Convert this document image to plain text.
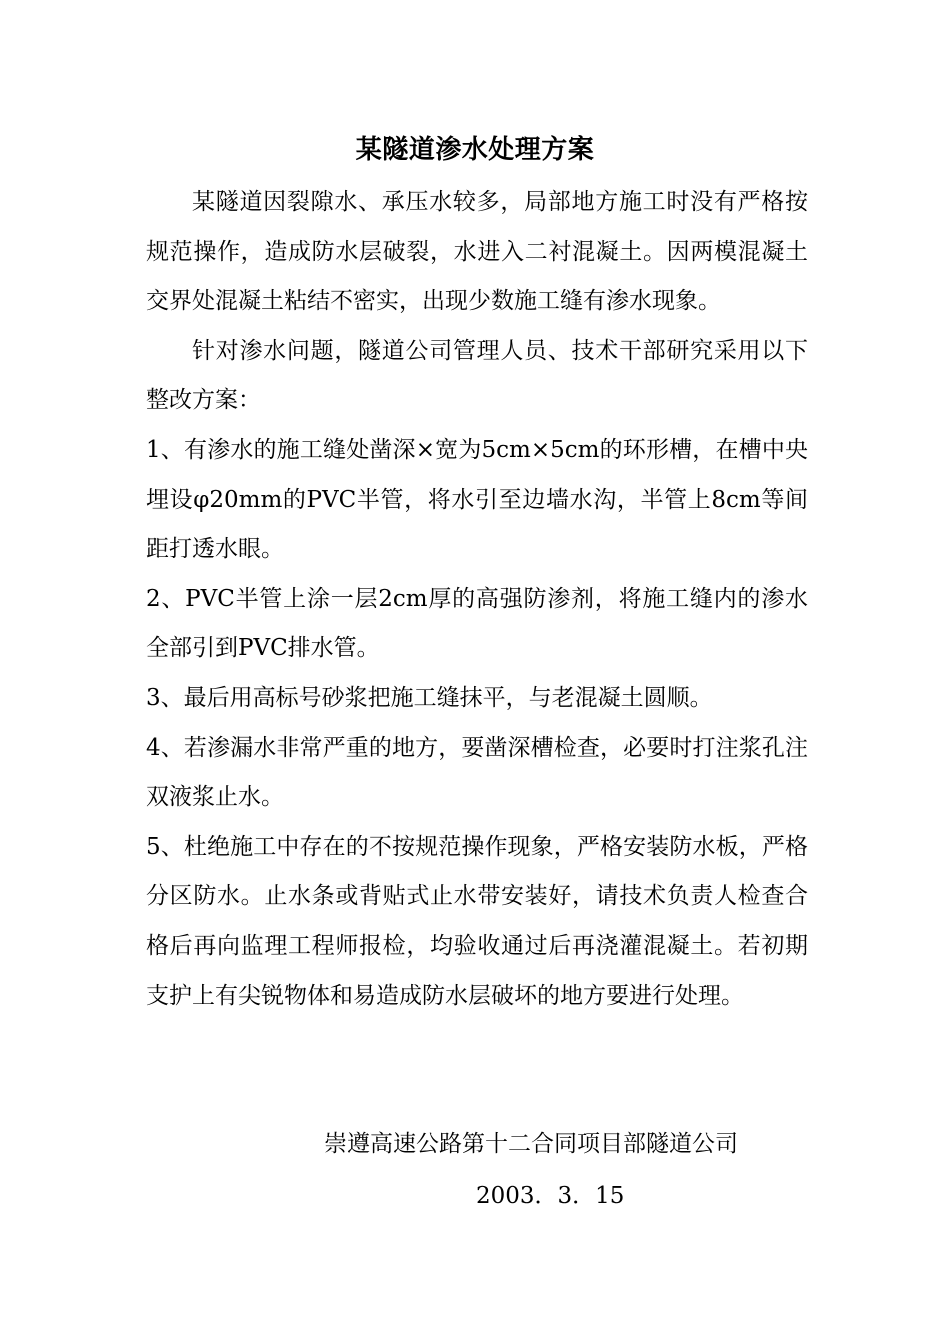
某隧道渗水处理方案

某隧道因裂隙水、承压水较多，局部地方施工时没有严格按规范操作，造成防水层破裂，水进入二衬混凝土。因两模混凝土交界处混凝土粘结不密实，出现少数施工缝有渗水现象。

针对渗水问题，隧道公司管理人员、技术干部研究采用以下整改方案：

1、有渗水的施工缝处凿深×宽为5cm×5cm的环形槽，在槽中央埋设φ20mm的PVC半管，将水引至边墙水沟，半管上8cm等间距打透水眼。

2、PVC半管上涂一层2cm厚的高强防渗剂，将施工缝内的渗水全部引到PVC排水管。

3、最后用高标号砂浆把施工缝抹平，与老混凝土圆顺。

4、若渗漏水非常严重的地方，要凿深槽检查，必要时打注浆孔注双液浆止水。

5、杜绝施工中存在的不按规范操作现象，严格安装防水板，严格分区防水。止水条或背贴式止水带安装好，请技术负责人检查合格后再向监理工程师报检，均验收通过后再浇灌混凝土。若初期支护上有尖锐物体和易造成防水层破坏的地方要进行处理。

崇遵高速公路第十二合同项目部隧道公司
2003．3．15
